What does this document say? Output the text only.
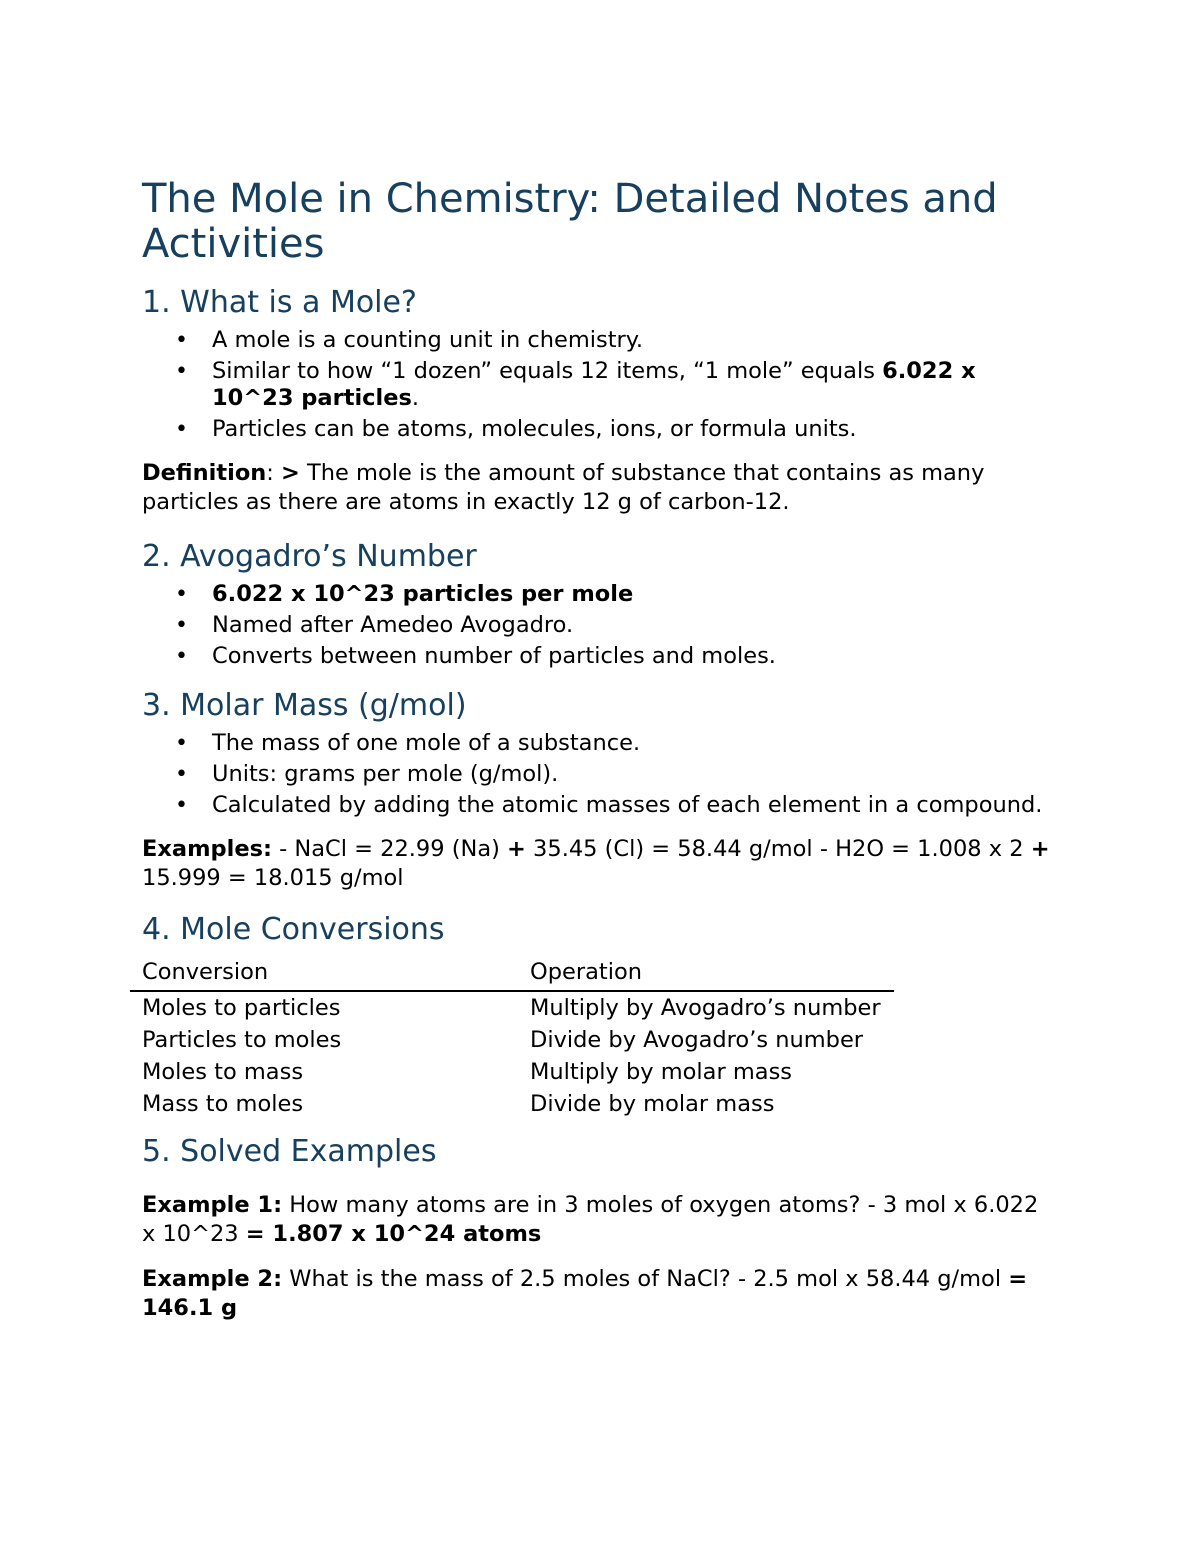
The Mole in Chemistry: Detailed Notes and Activities
1. What is a Mole?
• A mole is a counting unit in chemistry.
• Similar to how “1 dozen” equals 12 items, “1 mole” equals 6.022 x 10^23 particles.
• Particles can be atoms, molecules, ions, or formula units.

Definition: > The mole is the amount of substance that contains as many particles as there are atoms in exactly 12 g of carbon-12.

2. Avogadro’s Number
• 6.022 x 10^23 particles per mole
• Named after Amedeo Avogadro.
• Converts between number of particles and moles.
3. Molar Mass (g/mol)
• The mass of one mole of a substance.
• Units: grams per mole (g/mol).
• Calculated by adding the atomic masses of each element in a compound.

Examples: - NaCl = 22.99 (Na) + 35.45 (Cl) = 58.44 g/mol - H2O = 1.008 x 2 + 15.999 = 18.015 g/mol

4. Mole Conversions
Conversion	Operation
Moles to particles	Multiply by Avogadro’s number
Particles to moles	Divide by Avogadro’s number
Moles to mass	Multiply by molar mass
Mass to moles	Divide by molar mass
5. Solved Examples

Example 1: How many atoms are in 3 moles of oxygen atoms? - 3 mol x 6.022 x 10^23 = 1.807 x 10^24 atoms

Example 2: What is the mass of 2.5 moles of NaCl? - 2.5 mol x 58.44 g/mol = 146.1 g
